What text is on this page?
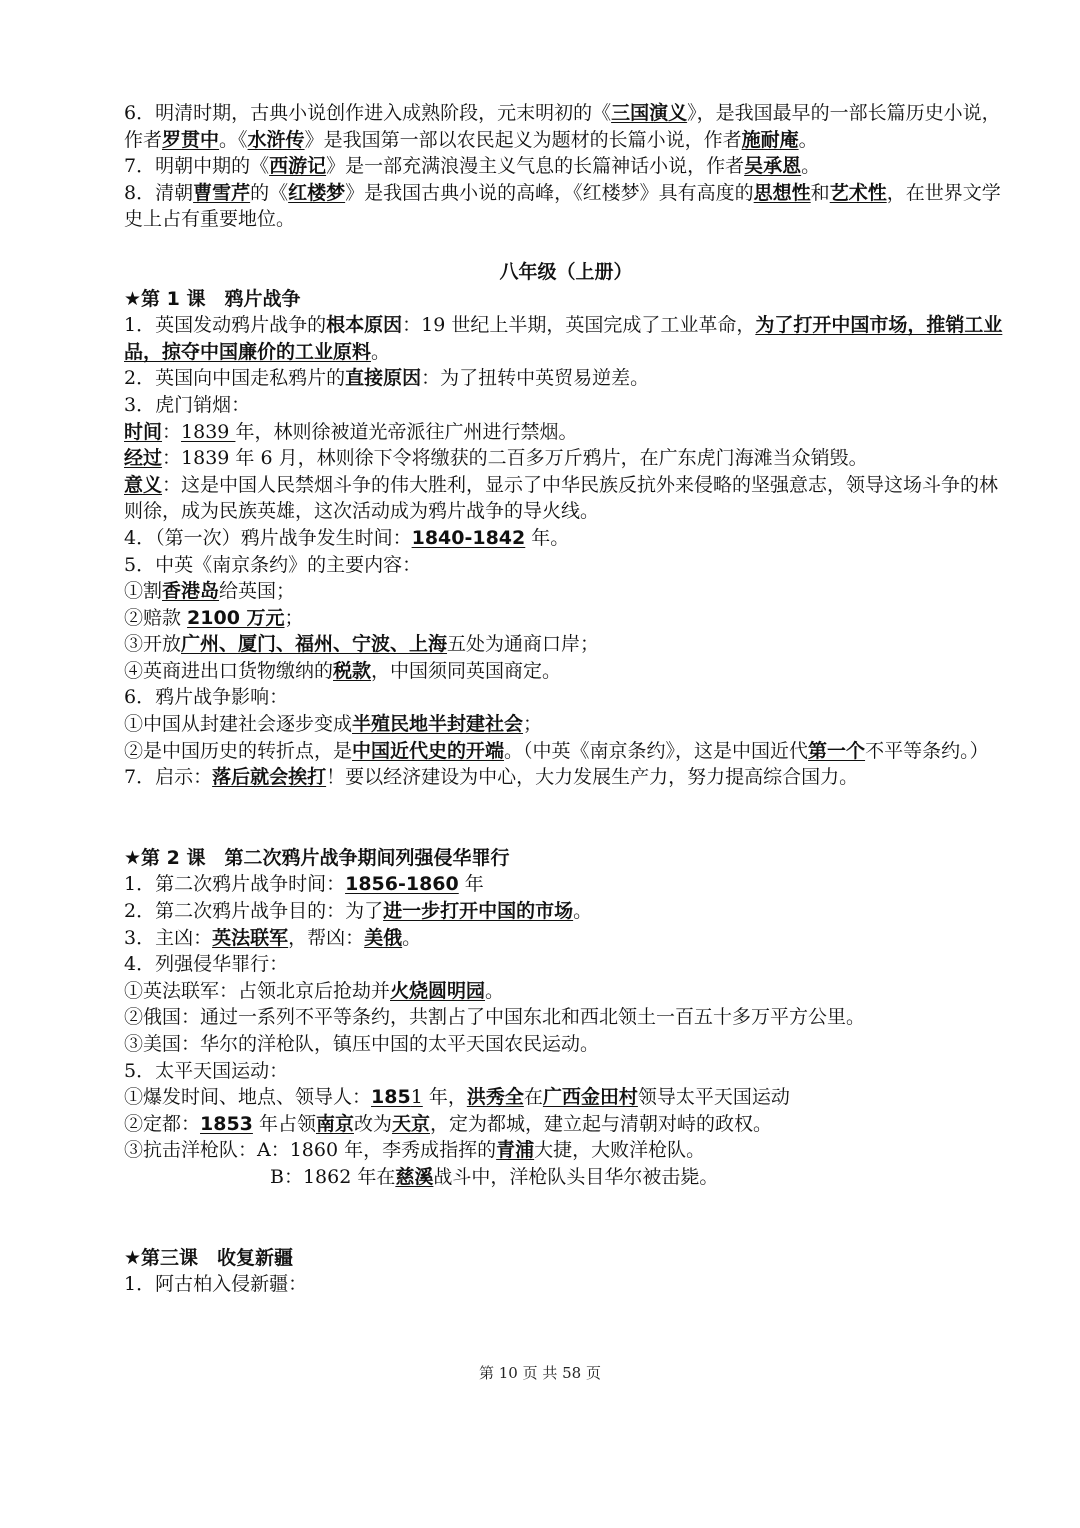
6．明清时期，古典小说创作进入成熟阶段，元末明初的《三国演义》，是我国最早的一部长篇历史小说，作者罗贯中。《水浒传》是我国第一部以农民起义为题材的长篇小说，作者施耐庵。
7．明朝中期的《西游记》是一部充满浪漫主义气息的长篇神话小说，作者吴承恩。
8．清朝曹雪芹的《红楼梦》是我国古典小说的高峰，《红楼梦》具有高度的思想性和艺术性，在世界文学史上占有重要地位。
八年级（上册）
★第 1 课　鸦片战争
1．英国发动鸦片战争的根本原因：19 世纪上半期，英国完成了工业革命，为了打开中国市场，推销工业品，掠夺中国廉价的工业原料。
2．英国向中国走私鸦片的直接原因：为了扭转中英贸易逆差。
3．虎门销烟：
时间：1839 年，林则徐被道光帝派往广州进行禁烟。
经过：1839 年 6 月，林则徐下令将缴获的二百多万斤鸦片，在广东虎门海滩当众销毁。
意义：这是中国人民禁烟斗争的伟大胜利，显示了中华民族反抗外来侵略的坚强意志，领导这场斗争的林则徐，成为民族英雄，这次活动成为鸦片战争的导火线。
4．（第一次）鸦片战争发生时间：1840-1842 年。
5．中英《南京条约》的主要内容：
①割香港岛给英国；
②赔款 2100 万元；
③开放广州、厦门、福州、宁波、上海五处为通商口岸；
④英商进出口货物缴纳的税款，中国须同英国商定。
6．鸦片战争影响：
①中国从封建社会逐步变成半殖民地半封建社会；
②是中国历史的转折点，是中国近代史的开端。（中英《南京条约》，这是中国近代第一个不平等条约。）
7．启示：落后就会挨打！要以经济建设为中心，大力发展生产力，努力提高综合国力。
★第 2 课　第二次鸦片战争期间列强侵华罪行
1．第二次鸦片战争时间：1856-1860 年
2．第二次鸦片战争目的：为了进一步打开中国的市场。
3．主凶：英法联军，帮凶：美俄。
4．列强侵华罪行：
①英法联军：占领北京后抢劫并火烧圆明园。
②俄国：通过一系列不平等条约，共割占了中国东北和西北领土一百五十多万平方公里。
③美国：华尔的洋枪队，镇压中国的太平天国农民运动。
5．太平天国运动：
①爆发时间、地点、领导人：1851 年，洪秀全在广西金田村领导太平天国运动
②定都：1853 年占领南京改为天京，定为都城，建立起与清朝对峙的政权。
③抗击洋枪队：A：1860 年，李秀成指挥的青浦大捷，大败洋枪队。
B：1862 年在慈溪战斗中，洋枪队头目华尔被击毙。
★第三课　收复新疆
1．阿古柏入侵新疆：
第 10 页 共 58 页
